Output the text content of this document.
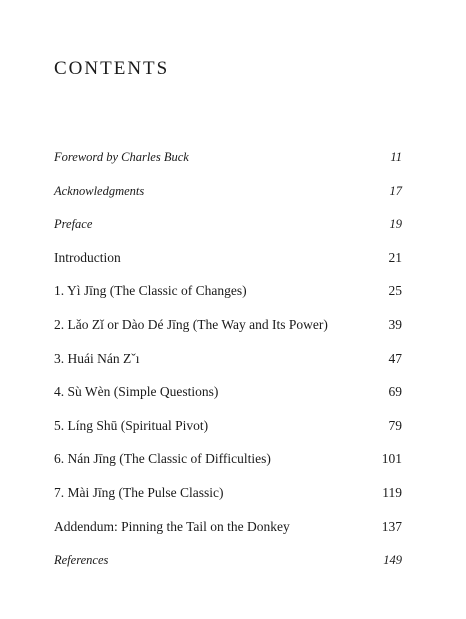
CONTENTS
Foreword by Charles Buck	11
Acknowledgments	17
Preface	19
Introduction	21
1. Yì Jīng (The Classic of Changes)	25
2. Lǎo Zǐ or Dào Dé Jīng (The Way and Its Power)	39
3. Huái Nán Zˇı	47
4. Sù Wèn (Simple Questions)	69
5. Líng Shū (Spiritual Pivot)	79
6. Nán Jīng (The Classic of Difficulties)	101
7. Mài Jīng (The Pulse Classic)	119
Addendum: Pinning the Tail on the Donkey	137
References	149
